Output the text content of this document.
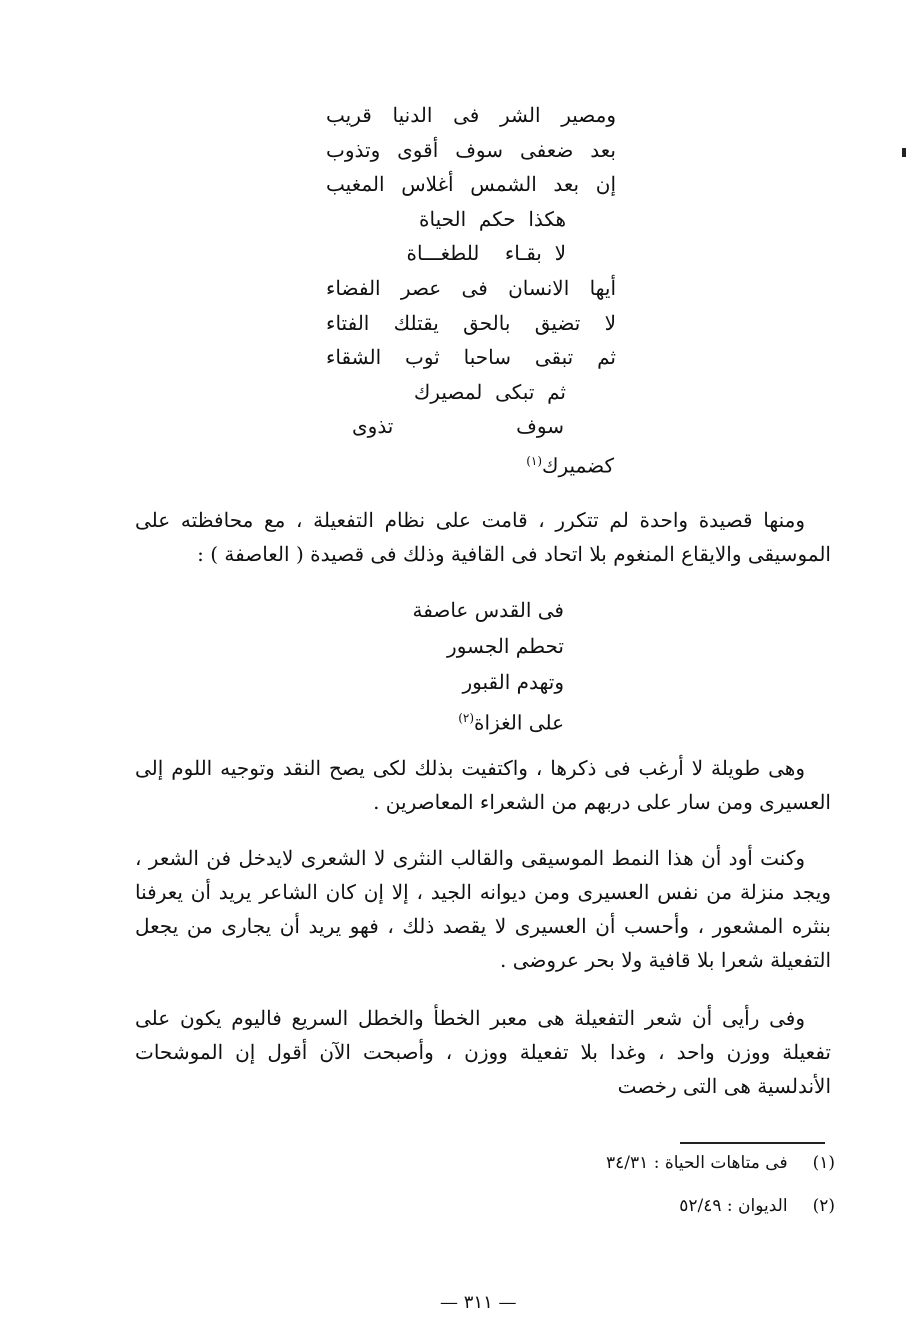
ومصير
الشر
فى
الدنيا
قريب
بعد
ضعفى
سوف
أقوى
وتذوب
إن
بعد
الشمس
أغلاس
المغيب
هكذا  حكم  الحياة
لا  بقـاء    للطغـــاة
أيها
الانسان
فى
عصر
الفضاء
لا
تضيق
بالحق
يقتلك
الفتاء
ثم
تبقى
ساحبا
ثوب
الشقاء
ثم  تبكى  لمصيرك
سوف
تذوى
كضميرك$^{(١)}$
ومنها قصيدة واحدة لم تتكرر ، قامت على نظام التفعيلة ، مع محافظته على الموسيقى والايقاع المنغوم بلا اتحاد فى القافية وذلك فى قصيدة ( العاصفة ) :
فى القدس عاصفة
تحطم الجسور
وتهدم القبور
على الغزاة$^{(٢)}$
وهى طويلة لا أرغب فى ذكرها ، واكتفيت بذلك لكى يصح النقد وتوجيه اللوم إلى العسيرى ومن سار على دربهم من الشعراء المعاصرين .
وكنت أود أن هذا النمط الموسيقى والقالب النثرى لا الشعرى لايدخل فن الشعر ، ويجد منزلة من نفس العسيرى ومن ديوانه الجيد ، إلا إن كان الشاعر يريد أن يعرفنا بنثره المشعور ، وأحسب أن العسيرى لا يقصد ذلك ، فهو يريد أن يجارى من يجعل التفعيلة شعرا بلا قافية ولا بحر عروضى .
وفى رأيى أن شعر التفعيلة هى معبر الخطأ والخطل السريع فاليوم يكون على تفعيلة ووزن واحد ، وغدا بلا تفعيلة ووزن ، وأصبحت الآن أقول إن الموشحات الأندلسية هى التى رخصت
(١) فى متاهات الحياة : ٣٤/٣١
(٢) الديوان : ٥٢/٤٩
— ٣١١ —
